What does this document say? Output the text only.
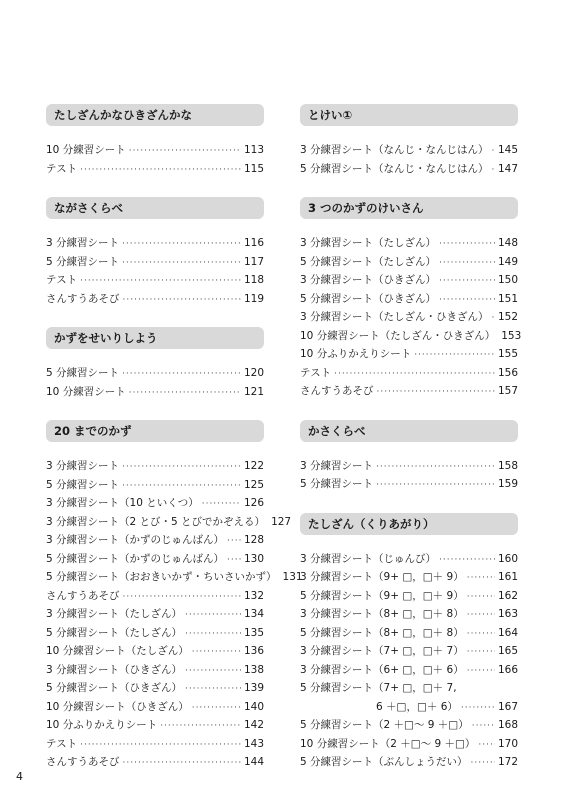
たしざんかなひきざんかな
10 分練習シート ·····	113
テスト ·····	115
ながさくらべ
3 分練習シート ·····	116
5 分練習シート ·····	117
テスト ·····	118
さんすうあそび ·····	119
かずをせいりしよう
5 分練習シート ·····	120
10 分練習シート ·····	121
20 までのかず
3 分練習シート ·····	122
5 分練習シート ·····	125
3 分練習シート（10 といくつ） ·····	126
3 分練習シート（2 とび・5 とびでかぞえる） 127
3 分練習シート（かずのじゅんばん） ····· 128
5 分練習シート（かずのじゅんばん） ····· 130
5 分練習シート（おおきいかず・ちいさいかず） 131
さんすうあそび ·····	132
3 分練習シート（たしざん） ·····	134
5 分練習シート（たしざん） ·····	135
10 分練習シート（たしざん） ·····	136
3 分練習シート（ひきざん） ·····	138
5 分練習シート（ひきざん） ·····	139
10 分練習シート（ひきざん） ·····	140
10 分ふりかえりシート ·····	142
テスト ·····	143
さんすうあそび ·····	144
とけい①
3 分練習シート（なんじ・なんじはん） ····· 145
5 分練習シート（なんじ・なんじはん） ····· 147
3 つのかずのけいさん
3 分練習シート（たしざん） ·····	148
5 分練習シート（たしざん） ·····	149
3 分練習シート（ひきざん） ·····	150
5 分練習シート（ひきざん） ·····	151
3 分練習シート（たしざん・ひきざん） ····· 152
10 分練習シート（たしざん・ひきざん） 153
10 分ふりかえりシート ·····	155
テスト ·····	156
さんすうあそび ·····	157
かさくらべ
3 分練習シート ·····	158
5 分練習シート ·····	159
たしざん（くりあがり）
3 分練習シート（じゅんび） ·····	160
3 分練習シート（9+ □，□＋ 9） ·····	161
5 分練習シート（9+ □，□＋ 9） ·····	162
3 分練習シート（8+ □，□＋ 8） ·····	163
5 分練習シート（8+ □，□＋ 8） ·····	164
3 分練習シート（7+ □，□＋ 7） ·····	165
3 分練習シート（6+ □，□＋ 6） ·····	166
5 分練習シート（7+ □，□＋ 7,
6 ＋□，□＋ 6） ·····	167
5 分練習シート（2 ＋□～ 9 ＋□） ·····	168
10 分練習シート（2 ＋□～ 9 ＋□） ····· 170
5 分練習シート（ぶんしょうだい） ·····	172
4
